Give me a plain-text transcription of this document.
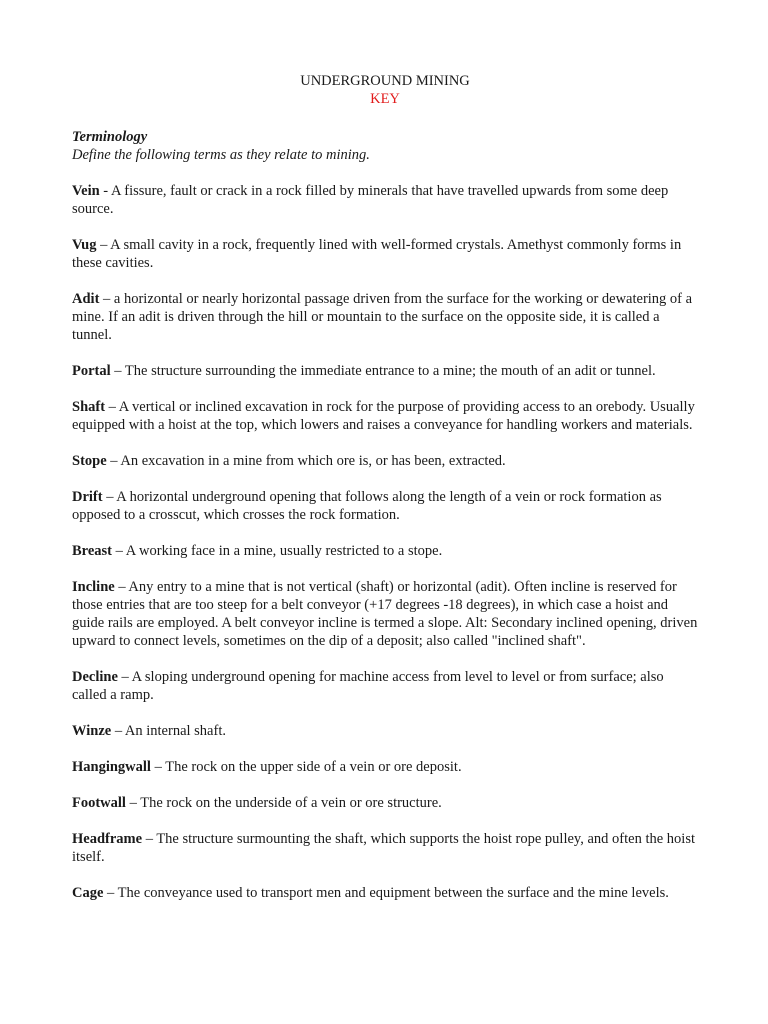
UNDERGROUND MINING

KEY

Terminology

Define the following terms as they relate to mining.

Vein - A fissure, fault or crack in a rock filled by minerals that have travelled upwards from some deep source.

Vug – A small cavity in a rock, frequently lined with well-formed crystals. Amethyst commonly forms in these cavities.

Adit – a horizontal or nearly horizontal passage driven from the surface for the working or dewatering of a mine. If an adit is driven through the hill or mountain to the surface on the opposite side, it is called a tunnel.

Portal – The structure surrounding the immediate entrance to a mine; the mouth of an adit or tunnel.

Shaft – A vertical or inclined excavation in rock for the purpose of providing access to an orebody. Usually equipped with a hoist at the top, which lowers and raises a conveyance for handling workers and materials.

Stope – An excavation in a mine from which ore is, or has been, extracted.

Drift – A horizontal underground opening that follows along the length of a vein or rock formation as opposed to a crosscut, which crosses the rock formation.

Breast – A working face in a mine, usually restricted to a stope.

Incline – Any entry to a mine that is not vertical (shaft) or horizontal (adit). Often incline is reserved for those entries that are too steep for a belt conveyor (+17 degrees -18 degrees), in which case a hoist and guide rails are employed. A belt conveyor incline is termed a slope. Alt: Secondary inclined opening, driven upward to connect levels, sometimes on the dip of a deposit; also called "inclined shaft".

Decline – A sloping underground opening for machine access from level to level or from surface; also called a ramp.

Winze – An internal shaft.

Hangingwall – The rock on the upper side of a vein or ore deposit.

Footwall – The rock on the underside of a vein or ore structure.

Headframe – The structure surmounting the shaft, which supports the hoist rope pulley, and often the hoist itself.

Cage – The conveyance used to transport men and equipment between the surface and the mine levels.
